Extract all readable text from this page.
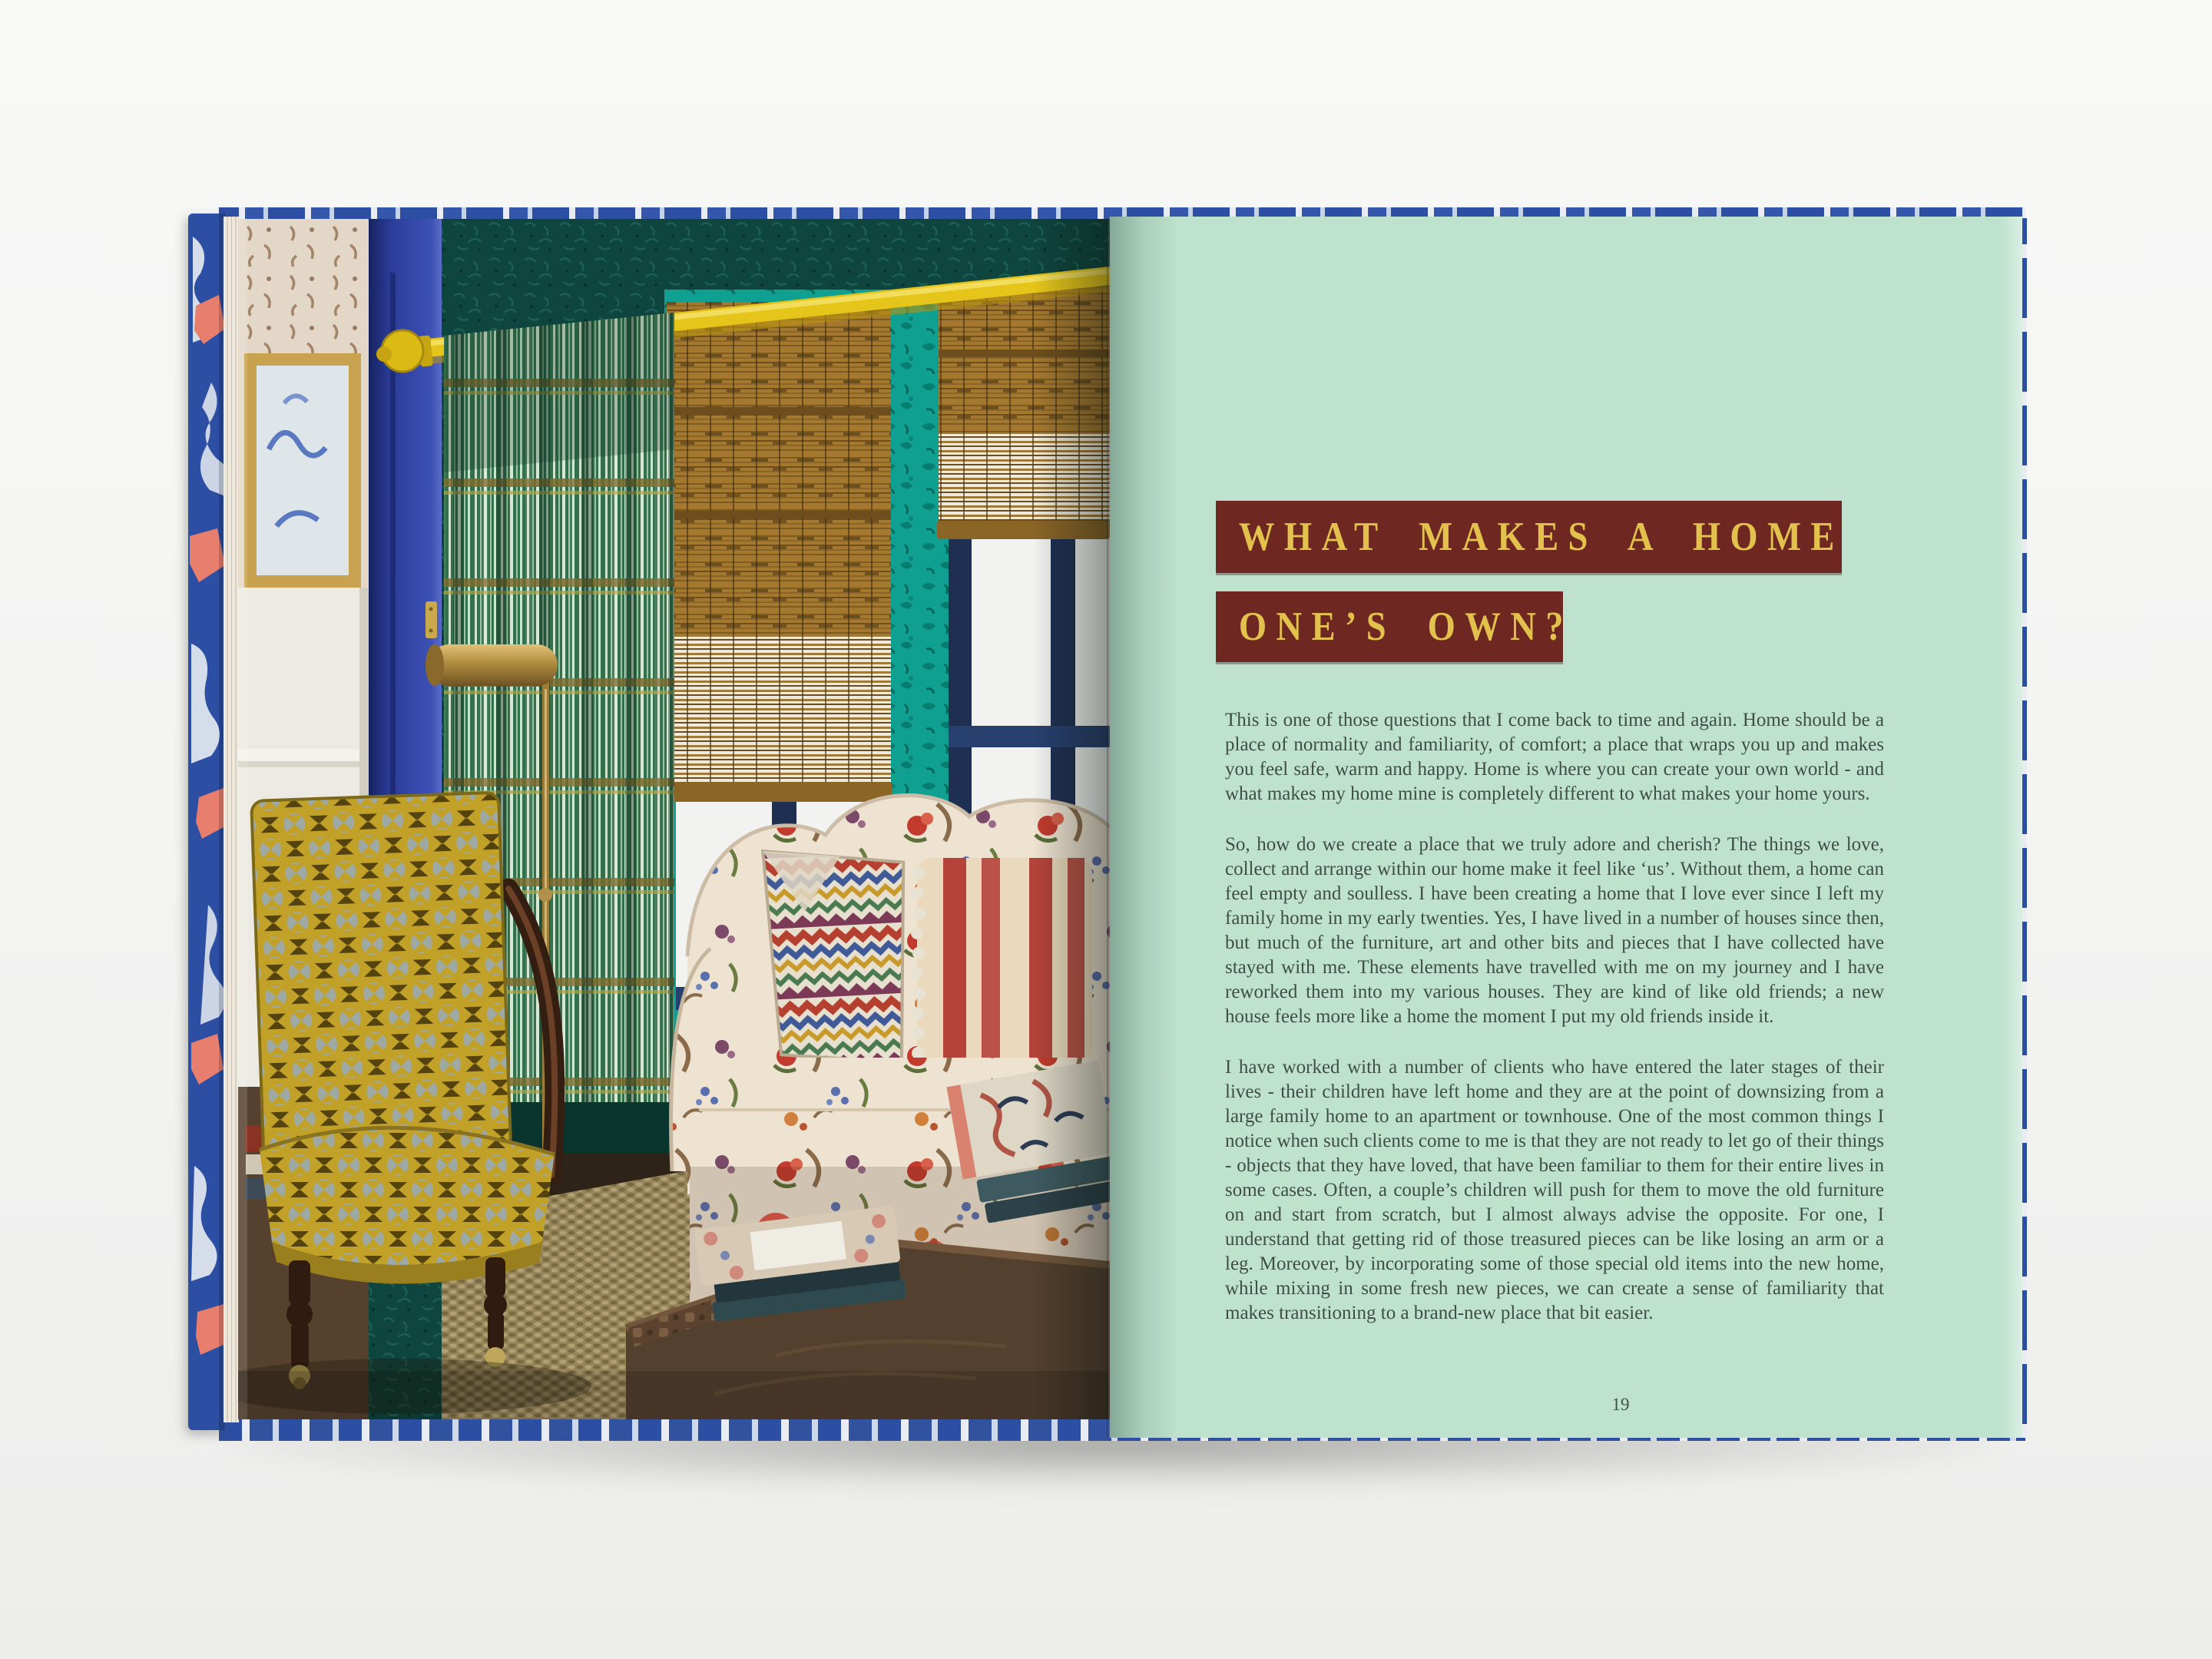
WHAT MAKES A HOME
ONE’S OWN?

This is one of those questions that I come back to time and again. Home should be a place of normality and familiarity, of comfort; a place that wraps you up and makes you feel safe, warm and happy. Home is where you can create your own world - and what makes my home mine is completely different to what makes your home yours.

So, how do we create a place that we truly adore and cherish? The things we love, collect and arrange within our home make it feel like ‘us’. Without them, a home can feel empty and soulless. I have been creating a home that I love ever since I left my family home in my early twenties. Yes, I have lived in a number of houses since then, but much of the furniture, art and other bits and pieces that I have collected have stayed with me. These elements have travelled with me on my journey and I have reworked them into my various houses. They are kind of like old friends; a new house feels more like a home the moment I put my old friends inside it.

I have worked with a number of clients who have entered the later stages of their lives - their children have left home and they are at the point of downsizing from a large family home to an apartment or townhouse. One of the most common things I notice when such clients come to me is that they are not ready to let go of their things - objects that they have loved, that have been familiar to them for their entire lives in some cases. Often, a couple’s children will push for them to move the old furniture on and start from scratch, but I almost always advise the opposite. For one, I understand that getting rid of those treasured pieces can be like losing an arm or a leg. Moreover, by incorporating some of those special old items into the new home, while mixing in some fresh new pieces, we can create a sense of familiarity that makes transitioning to a brand-new place that bit easier.

19
